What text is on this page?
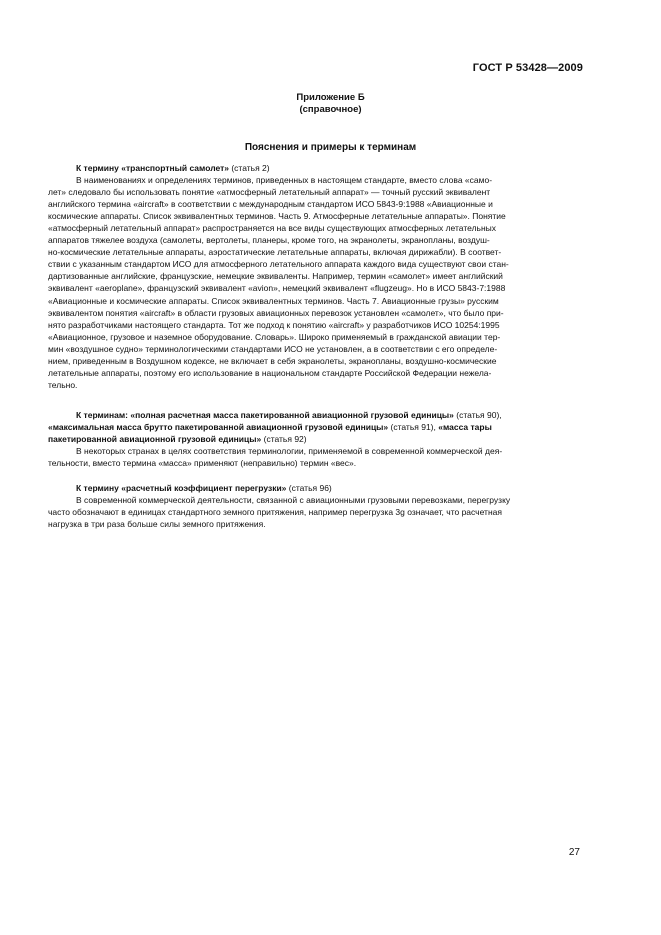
ГОСТ Р 53428—2009
Приложение Б
(справочное)
Пояснения и примеры к терминам
К термину «транспортный самолет» (статья 2)
В наименованиях и определениях терминов, приведенных в настоящем стандарте, вместо слова «само-
лет» следовало бы использовать понятие «атмосферный летательный аппарат» — точный русский эквивалент
английского термина «aircraft» в соответствии с международным стандартом ИСО 5843-9:1988 «Авиационные и
космические аппараты. Список эквивалентных терминов. Часть 9. Атмосферные летательные аппараты». Понятие
«атмосферный летательный аппарат» распространяется на все виды существующих атмосферных летательных
аппаратов тяжелее воздуха (самолеты, вертолеты, планеры, кроме того, на экранолеты, экранопланы, воздуш-
но-космические летательные аппараты, аэростатические летательные аппараты, включая дирижабли). В соответ-
ствии с указанным стандартом ИСО для атмосферного летательного аппарата каждого вида существуют свои стан-
дартизованные английские, французские, немецкие эквиваленты. Например, термин «самолет» имеет английский
эквивалент «aeroplane», французский эквивалент «avion», немецкий эквивалент «flugzeug». Но в ИСО 5843-7:1988
«Авиационные и космические аппараты. Список эквивалентных терминов. Часть 7. Авиационные грузы» русским
эквивалентом понятия «aircraft» в области грузовых авиационных перевозок установлен «самолет», что было при-
нято разработчиками настоящего стандарта. Тот же подход к понятию «aircraft» у разработчиков ИСО 10254:1995
«Авиационное, грузовое и наземное оборудование. Словарь». Широко применяемый в гражданской авиации тер-
мин «воздушное судно» терминологическими стандартами ИСО не установлен, а в соответствии с его определе-
нием, приведенным в Воздушном кодексе, не включает в себя экранолеты, экранопланы, воздушно-космические
летательные аппараты, поэтому его использование в национальном стандарте Российской Федерации нежела-
тельно.
К терминам: «полная расчетная масса пакетированной авиационной грузовой единицы» (статья 90),
«максимальная масса брутто пакетированной авиационной грузовой единицы» (статья 91), «масса тары
пакетированной авиационной грузовой единицы» (статья 92)
В некоторых странах в целях соответствия терминологии, применяемой в современной коммерческой дея-
тельности, вместо термина «масса» применяют (неправильно) термин «вес».
К термину «расчетный коэффициент перегрузки» (статья 96)
В современной коммерческой деятельности, связанной с авиационными грузовыми перевозками, перегрузку
часто обозначают в единицах стандартного земного притяжения, например перегрузка 3g означает, что расчетная
нагрузка в три раза больше силы земного притяжения.
27
